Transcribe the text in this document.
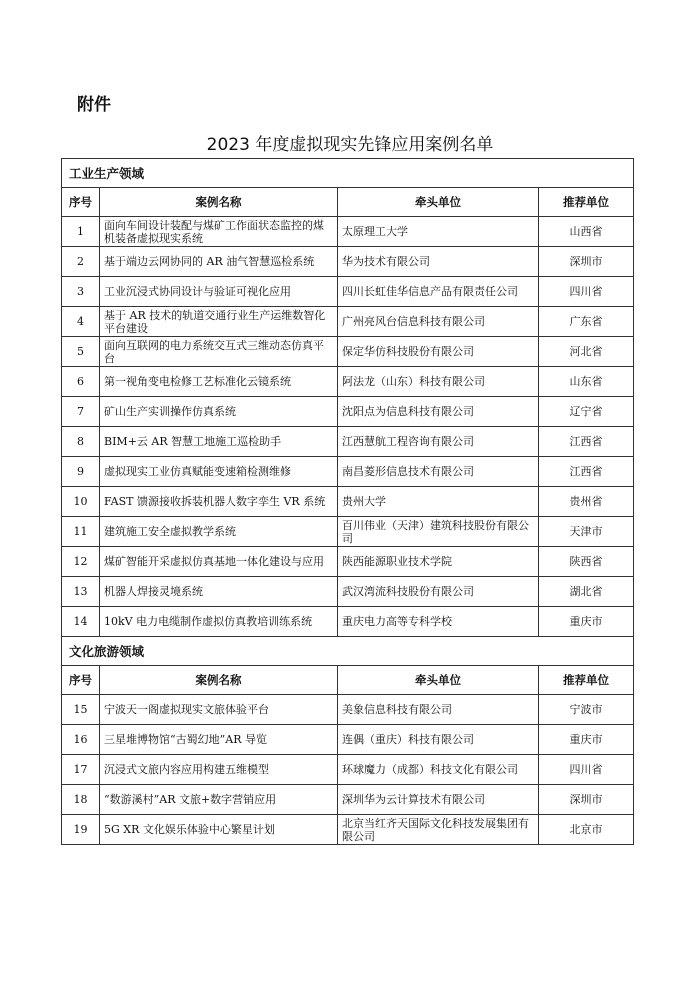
附件
2023 年度虚拟现实先锋应用案例名单
工业生产领域			
序号	案例名称	牵头单位	推荐单位
1	面向车间设计装配与煤矿工作面状态监控的煤机装备虚拟现实系统	太原理工大学	山西省
2	基于端边云网协同的 AR 油气智慧巡检系统	华为技术有限公司	深圳市
3	工业沉浸式协同设计与验证可视化应用	四川长虹佳华信息产品有限责任公司	四川省
4	基于 AR 技术的轨道交通行业生产运维数智化平台建设	广州亮风台信息科技有限公司	广东省
5	面向互联网的电力系统交互式三维动态仿真平台	保定华仿科技股份有限公司	河北省
6	第一视角变电检修工艺标准化云镜系统	阿法龙（山东）科技有限公司	山东省
7	矿山生产实训操作仿真系统	沈阳点为信息科技有限公司	辽宁省
8	BIM+云 AR 智慧工地施工巡检助手	江西慧航工程咨询有限公司	江西省
9	虚拟现实工业仿真赋能变速箱检测维修	南昌菱形信息技术有限公司	江西省
10	FAST 馈源接收拆装机器人数字孪生 VR 系统	贵州大学	贵州省
11	建筑施工安全虚拟教学系统	百川伟业（天津）建筑科技股份有限公司	天津市
12	煤矿智能开采虚拟仿真基地一体化建设与应用	陕西能源职业技术学院	陕西省
13	机器人焊接灵境系统	武汉湾流科技股份有限公司	湖北省
14	10kV 电力电缆制作虚拟仿真教培训练系统	重庆电力高等专科学校	重庆市
文化旅游领域			
序号	案例名称	牵头单位	推荐单位
15	宁波天一阁虚拟现实文旅体验平台	美象信息科技有限公司	宁波市
16	三星堆博物馆“古蜀幻地”AR 导览	连偶（重庆）科技有限公司	重庆市
17	沉浸式文旅内容应用构建五维模型	环球魔力（成都）科技文化有限公司	四川省
18	“数游溪村”AR 文旅+数字营销应用	深圳华为云计算技术有限公司	深圳市
19	5G XR 文化娱乐体验中心繁星计划	北京当红齐天国际文化科技发展集团有限公司	北京市
